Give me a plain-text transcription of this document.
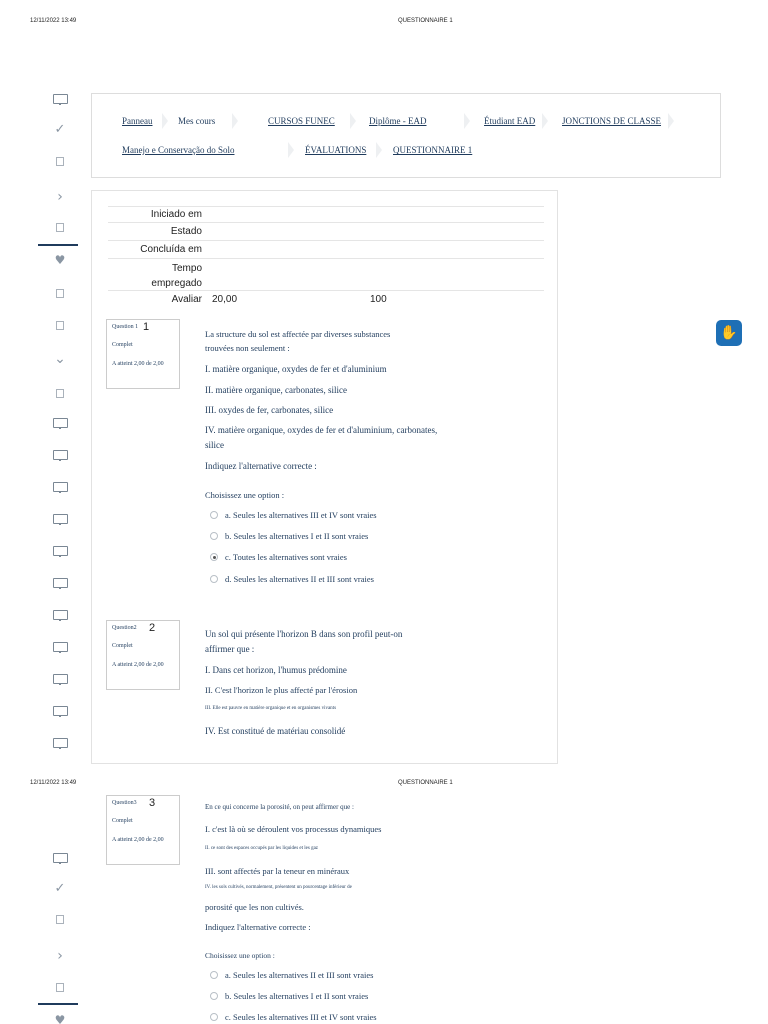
12/11/2022 13:49	QUESTIONNAIRE 1
✓
›
♥
⌄
Panneau	Mes cours	CURSOS FUNEC	Diplôme - EAD	Étudiant EAD	JONCTIONS DE CLASSE
Manejo e Conservação do Solo	ÉVALUATIONS	QUESTIONNAIRE 1
Iniciado em
Estado
Concluída em
Tempo empregado
Avaliar 20,00	100
Question 1 1
Complet
A atteint 2,00 de 2,00
La structure du sol est affectée par diverses substances
trouvées non seulement :
I. matière organique, oxydes de fer et d'aluminium
II. matière organique, carbonates, silice
III. oxydes de fer, carbonates, silice
IV. matière organique, oxydes de fer et d'aluminium, carbonates,
silice
Indiquez l'alternative correcte :
Choisissez une option :
a. Seules les alternatives III et IV sont vraies
b. Seules les alternatives I et II sont vraies
c. Toutes les alternatives sont vraies
d. Seules les alternatives II et III sont vraies
Question2 2
Complet
A atteint 2,00 de 2,00
Un sol qui présente l'horizon B dans son profil peut-on
affirmer que :
I. Dans cet horizon, l'humus prédomine
II. C'est l'horizon le plus affecté par l'érosion
III. Elle est pauvre en matière organique et en organismes vivants
IV. Est constitué de matériau consolidé
12/11/2022 13:49	QUESTIONNAIRE 1
✓
›
♥
Question3 3
Complet
A atteint 2,00 de 2,00
En ce qui concerne la porosité, on peut affirmer que :
I. c'est là où se déroulent vos processus dynamiques
II. ce sont des espaces occupés par les liquides et les gaz
III. sont affectés par la teneur en minéraux
IV. les sols cultivés, normalement, présentent un pourcentage inférieur de
porosité que les non cultivés.
Indiquez l'alternative correcte :
Choisissez une option :
a. Seules les alternatives II et III sont vraies
b. Seules les alternatives I et II sont vraies
c. Seules les alternatives III et IV sont vraies
✋
